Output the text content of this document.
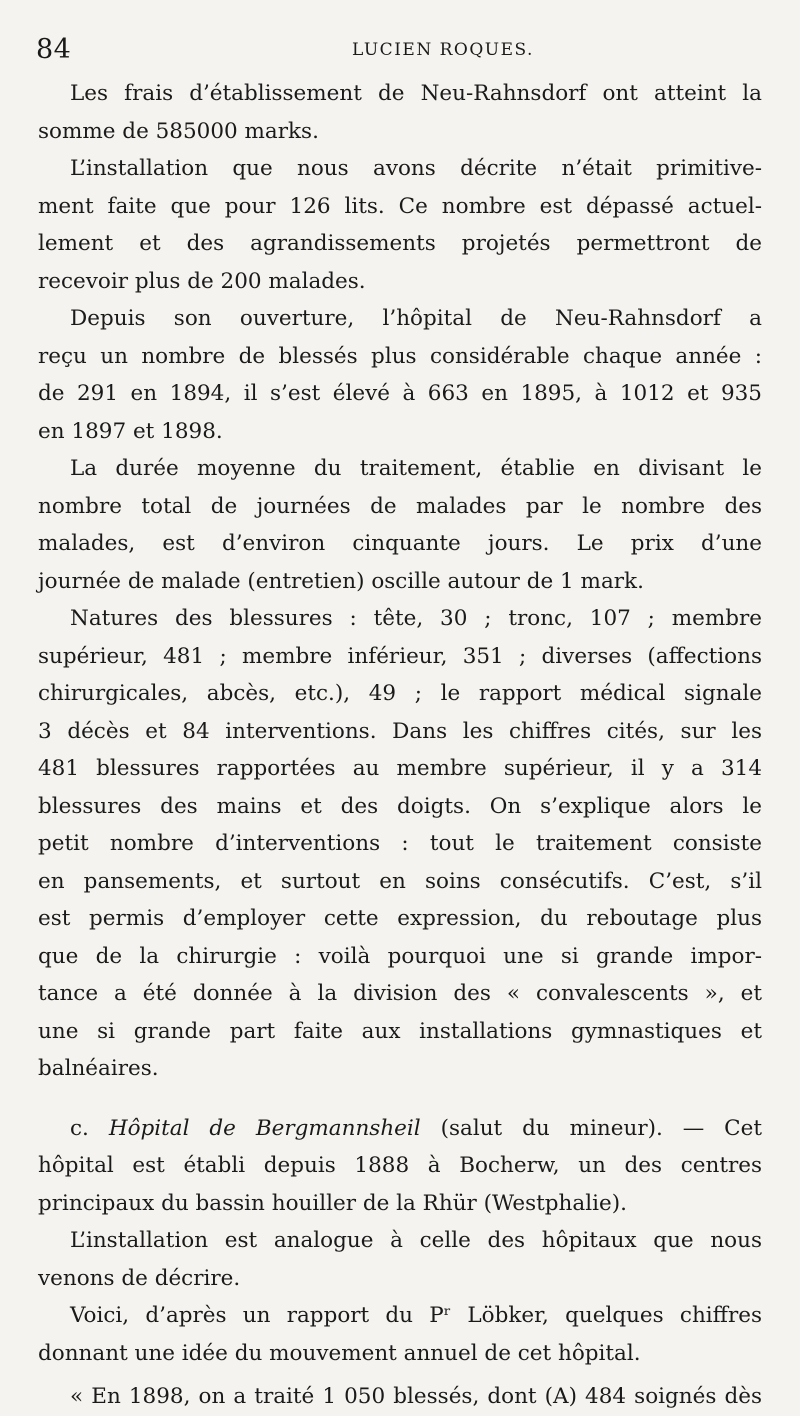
84	LUCIEN ROQUES.
Les frais d’établissement de Neu-Rahnsdorf ont atteint la
somme de 585000 marks.
L’installation que nous avons décrite n’était primitive-
ment faite que pour 126 lits. Ce nombre est dépassé actuel-
lement et des agrandissements projetés permettront de
recevoir plus de 200 malades.
Depuis son ouverture, l’hôpital de Neu-Rahnsdorf a
reçu un nombre de blessés plus considérable chaque année :
de 291 en 1894, il s’est élevé à 663 en 1895, à 1012 et 935
en 1897 et 1898.
La durée moyenne du traitement, établie en divisant le
nombre total de journées de malades par le nombre des
malades, est d’environ cinquante jours. Le prix d’une
journée de malade (entretien) oscille autour de 1 mark.
Natures des blessures : tête, 30 ; tronc, 107 ; membre
supérieur, 481 ; membre inférieur, 351 ; diverses (affections
chirurgicales, abcès, etc.), 49 ; le rapport médical signale
3 décès et 84 interventions. Dans les chiffres cités, sur les
481 blessures rapportées au membre supérieur, il y a 314
blessures des mains et des doigts. On s’explique alors le
petit nombre d’interventions : tout le traitement consiste
en pansements, et surtout en soins consécutifs. C’est, s’il
est permis d’employer cette expression, du reboutage plus
que de la chirurgie : voilà pourquoi une si grande impor-
tance a été donnée à la division des « convalescents », et
une si grande part faite aux installations gymnastiques et
balnéaires.
c. Hôpital de Bergmannsheil (salut du mineur). — Cet
hôpital est établi depuis 1888 à Bocherw, un des centres
principaux du bassin houiller de la Rhür (Westphalie).
L’installation est analogue à celle des hôpitaux que nous
venons de décrire.
Voici, d’après un rapport du Pʳ Löbker, quelques chiffres
donnant une idée du mouvement annuel de cet hôpital.
« En 1898, on a traité 1 050 blessés, dont (A) 484 soignés dès
